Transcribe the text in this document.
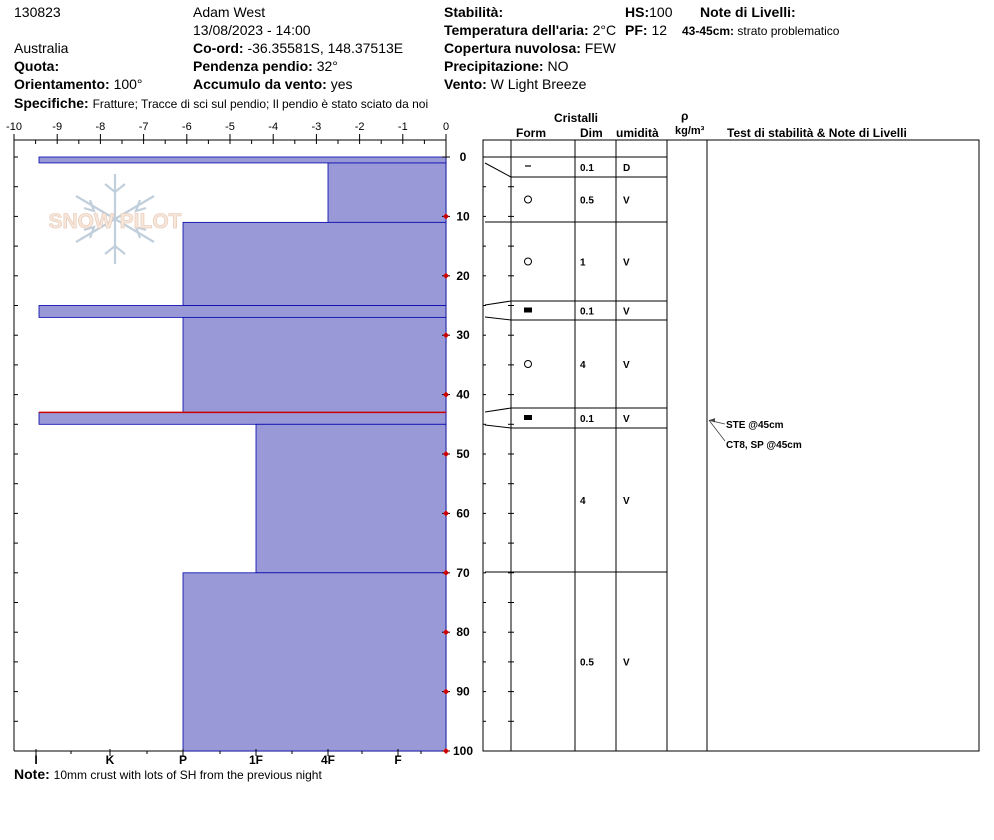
130823
Australia
Quota:
Orientamento: 100°
Specifiche: Fratture; Tracce di sci sul pendio; Il pendio è stato sciato da noi
Adam West
13/08/2023 - 14:00
Co-ord: -36.35581S, 148.37513E
Pendenza pendio: 32°
Accumulo da vento: yes
Stabilità:
Temperatura dell'aria: 2°C
Copertura nuvolosa: FEW
Precipitazione: NO
Vento: W Light Breeze
HS:100
PF: 12
Note di Livelli:
43-45cm: strato problematico
Note: 10mm crust with lots of SH from the previous night
Cristalli
Form	Dim umidità
ρ
kg/m³ Test di stabilità & Note di Livelli
SNOW PILOT
-10	-9	-8	-7	-6	-5	-4	-3	-2	-1	0
0
10
20
30
40
50
60
70
80
90
100
I	K	P	1F	4F	F
0.1	D
0.5	V
1	V
0.1	V
4	V
0.1	V
4	V
0.5	V
STE @45cm
CT8, SP @45cm
